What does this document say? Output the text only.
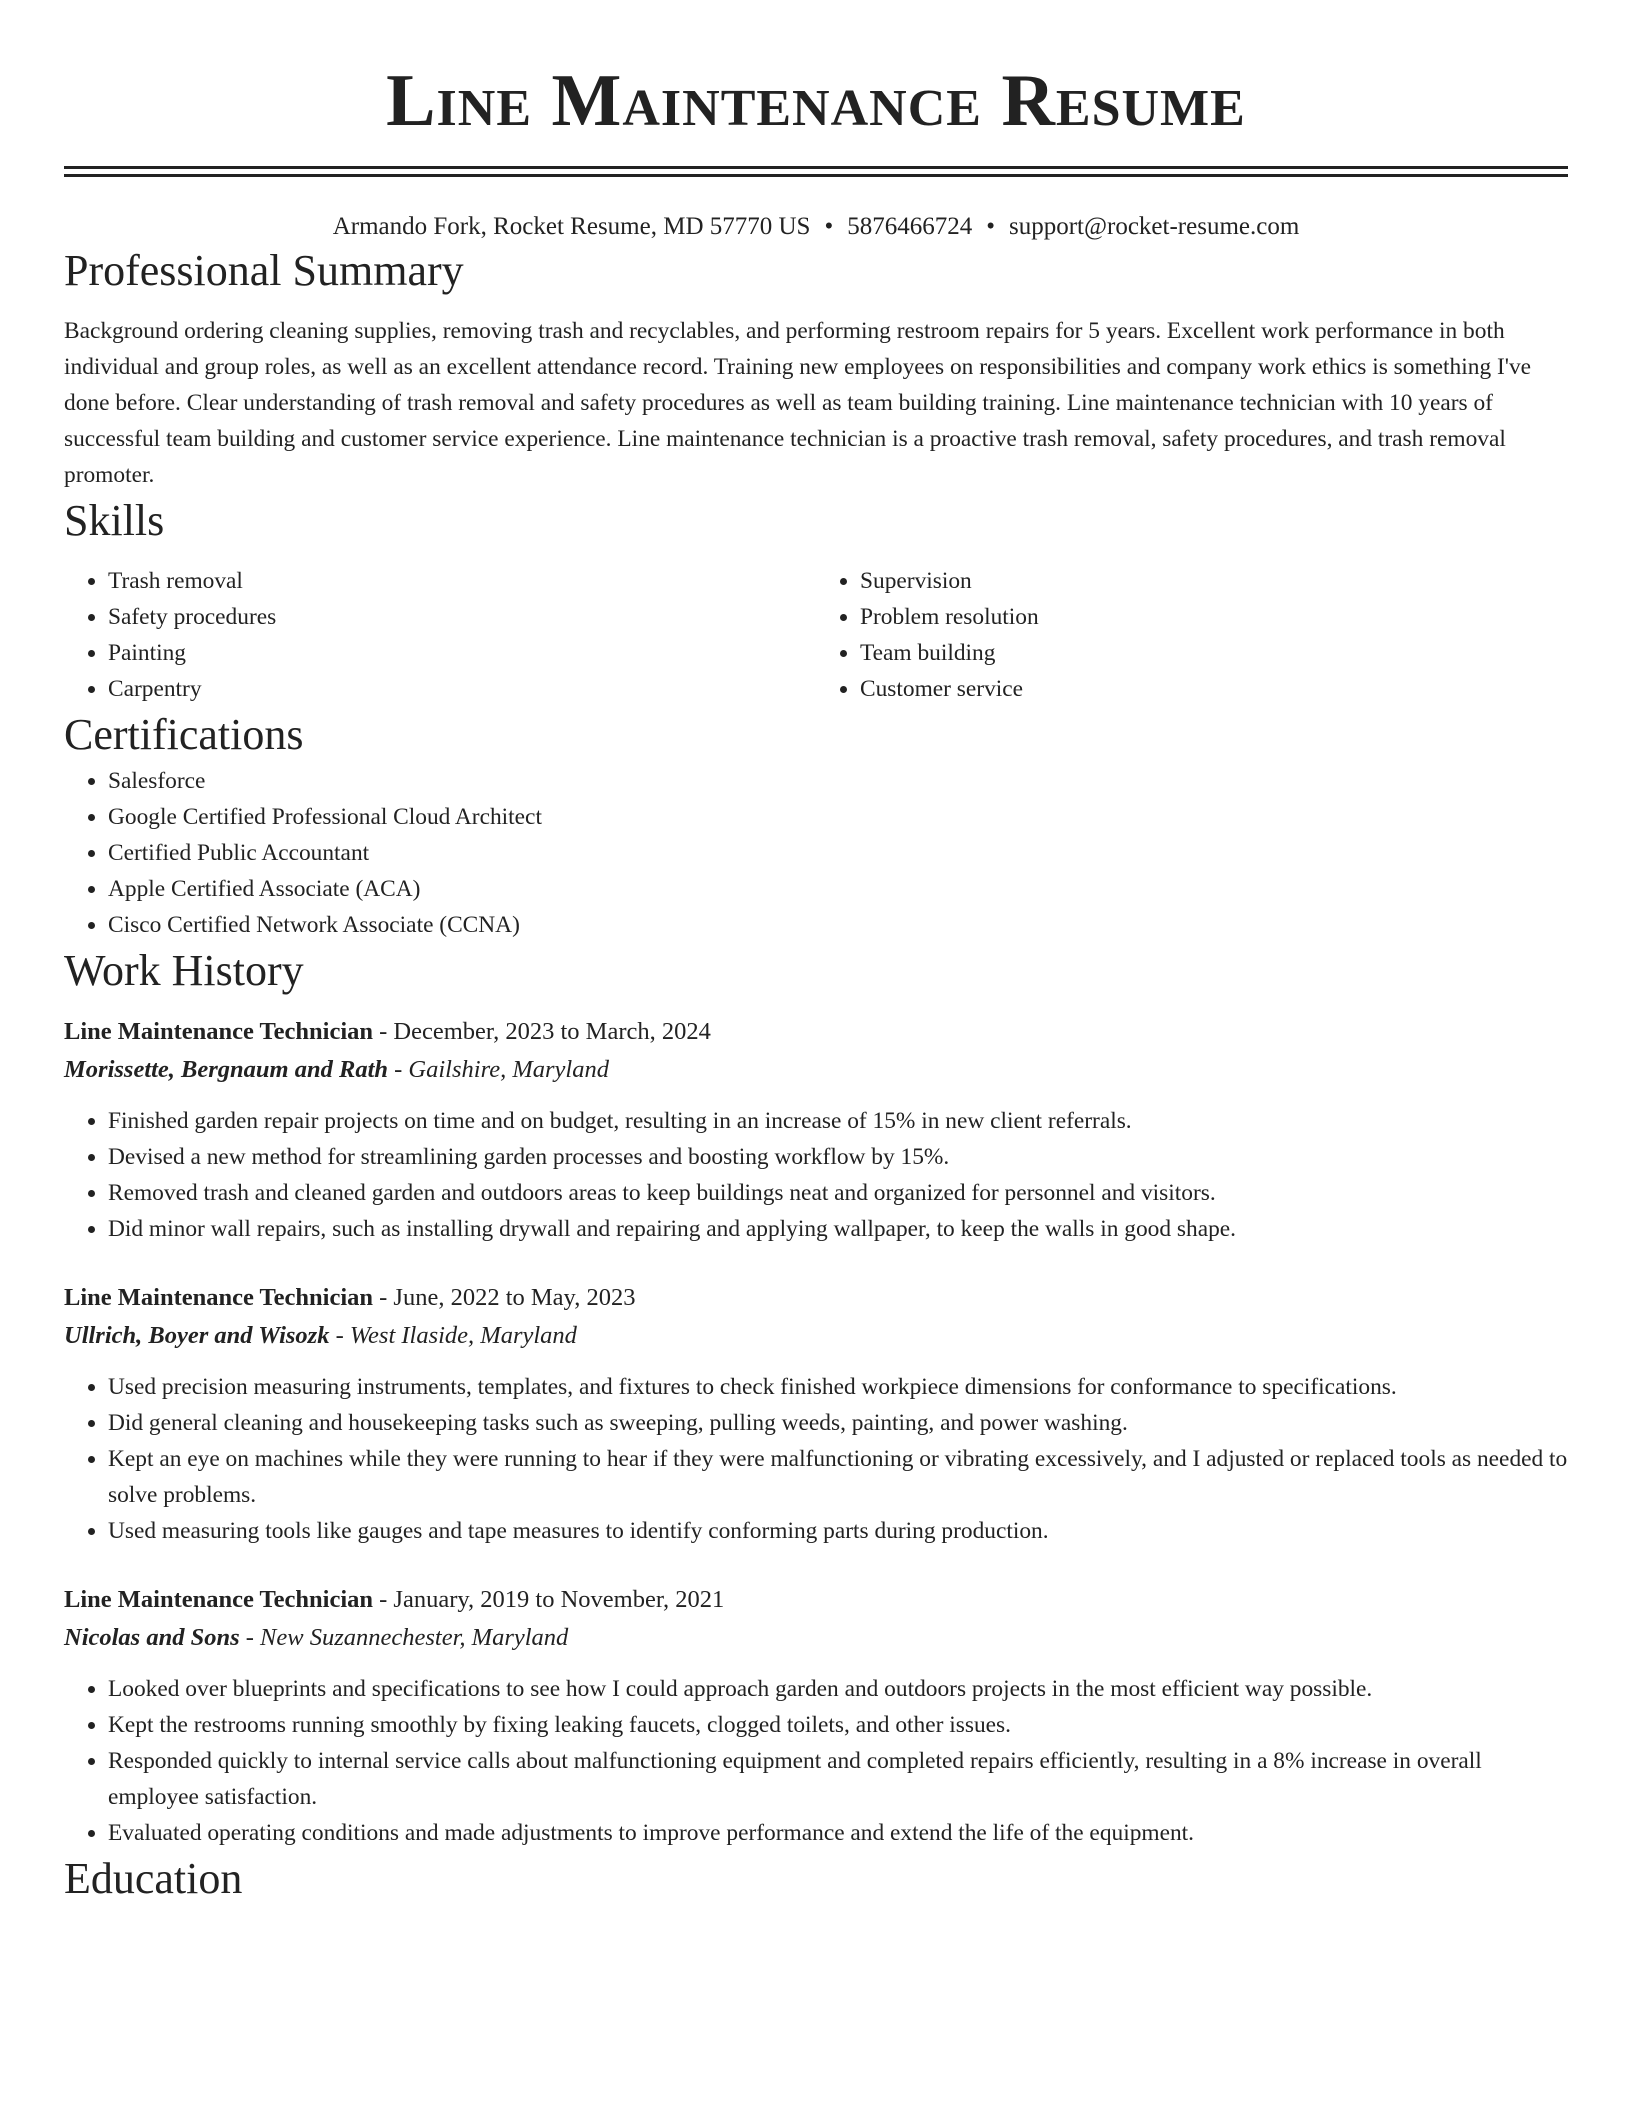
Line Maintenance Resume
Armando Fork, Rocket Resume, MD 57770 US • 5876466724 • support@rocket-resume.com
Professional Summary

Background ordering cleaning supplies, removing trash and recyclables, and performing restroom repairs for 5 years. Excellent work performance in both individual and group roles, as well as an excellent attendance record. Training new employees on responsibilities and company work ethics is something I've done before. Clear understanding of trash removal and safety procedures as well as team building training. Line maintenance technician with 10 years of successful team building and customer service experience. Line maintenance technician is a proactive trash removal, safety procedures, and trash removal promoter.

Skills
• Trash removal
• Safety procedures
• Painting
• Carpentry
• Supervision
• Problem resolution
• Team building
• Customer service
Certifications
• Salesforce
• Google Certified Professional Cloud Architect
• Certified Public Accountant
• Apple Certified Associate (ACA)
• Cisco Certified Network Associate (CCNA)
Work History
Line Maintenance Technician - December, 2023 to March, 2024
Morissette, Bergnaum and Rath - Gailshire, Maryland
• Finished garden repair projects on time and on budget, resulting in an increase of 15% in new client referrals.
• Devised a new method for streamlining garden processes and boosting workflow by 15%.
• Removed trash and cleaned garden and outdoors areas to keep buildings neat and organized for personnel and visitors.
• Did minor wall repairs, such as installing drywall and repairing and applying wallpaper, to keep the walls in good shape.
Line Maintenance Technician - June, 2022 to May, 2023
Ullrich, Boyer and Wisozk - West Ilaside, Maryland
• Used precision measuring instruments, templates, and fixtures to check finished workpiece dimensions for conformance to specifications.
• Did general cleaning and housekeeping tasks such as sweeping, pulling weeds, painting, and power washing.
• Kept an eye on machines while they were running to hear if they were malfunctioning or vibrating excessively, and I adjusted or replaced tools as needed to solve problems.
• Used measuring tools like gauges and tape measures to identify conforming parts during production.
Line Maintenance Technician - January, 2019 to November, 2021
Nicolas and Sons - New Suzannechester, Maryland
• Looked over blueprints and specifications to see how I could approach garden and outdoors projects in the most efficient way possible.
• Kept the restrooms running smoothly by fixing leaking faucets, clogged toilets, and other issues.
• Responded quickly to internal service calls about malfunctioning equipment and completed repairs efficiently, resulting in a 8% increase in overall employee satisfaction.
• Evaluated operating conditions and made adjustments to improve performance and extend the life of the equipment.
Education
